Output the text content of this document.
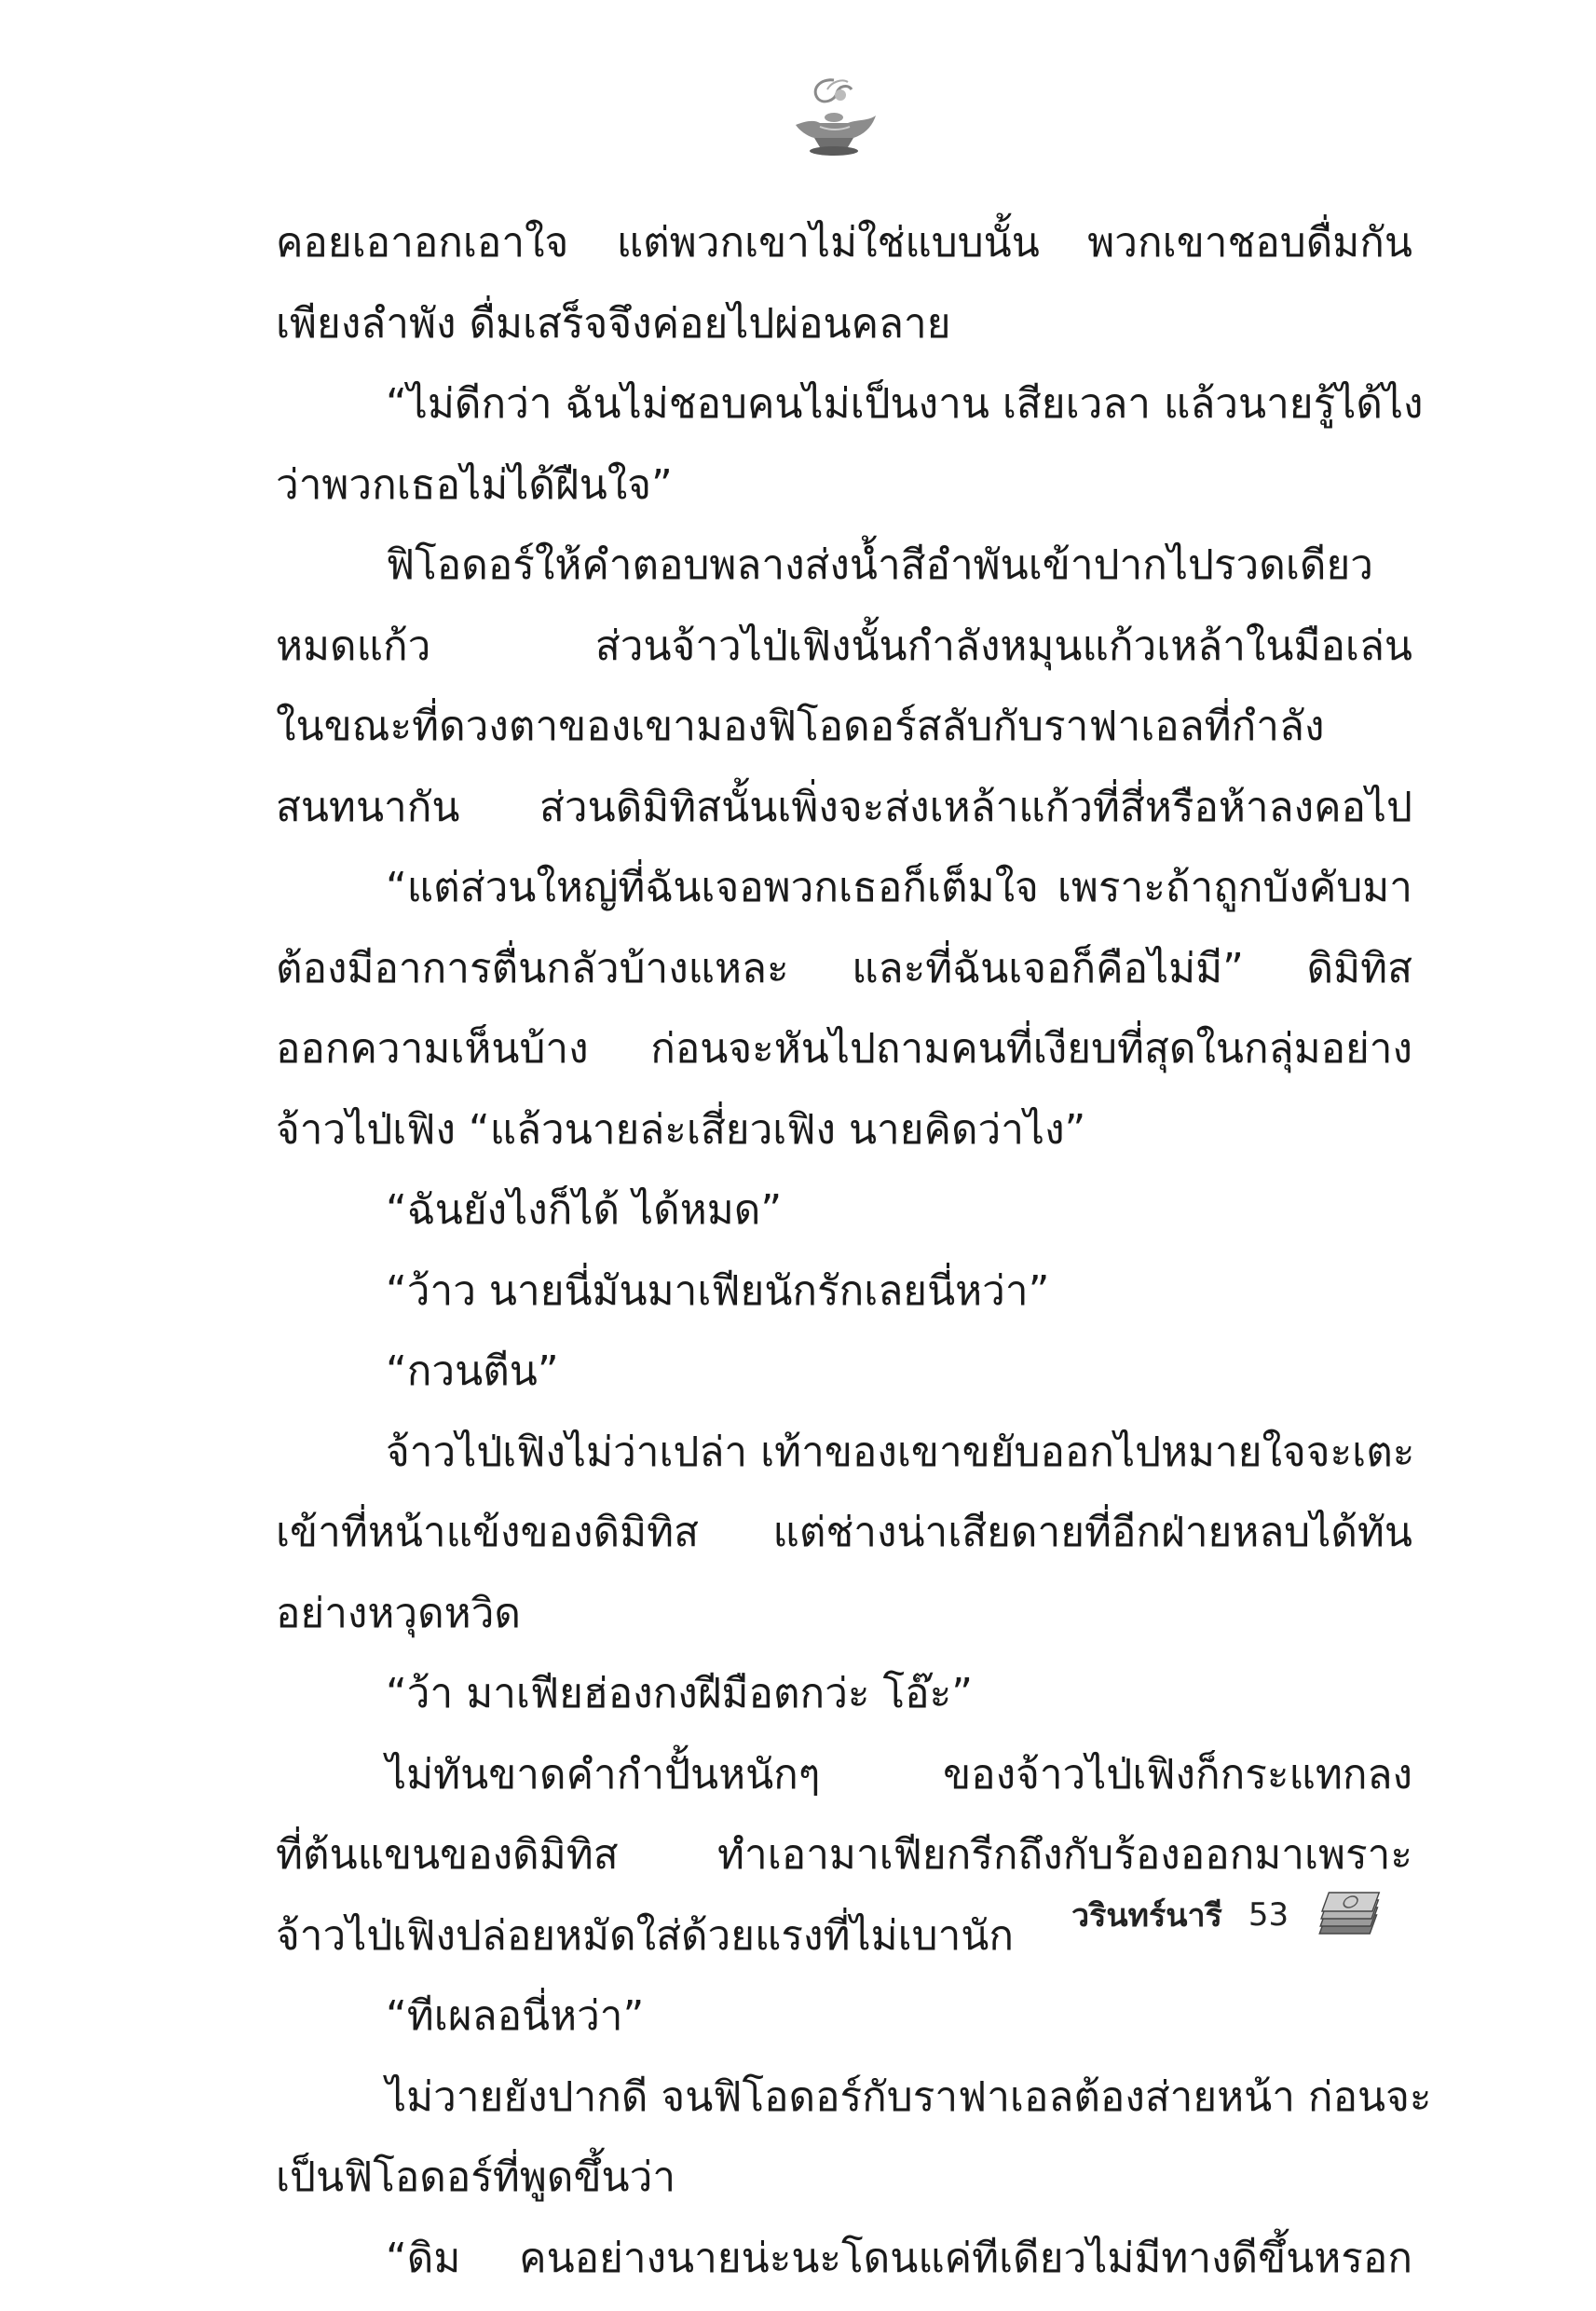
คอยเอาอกเอาใจ แต่พวกเขาไม่ใช่แบบนั้น พวกเขาชอบดื่มกัน
เพียงลำพัง ดื่มเสร็จจึงค่อยไปผ่อนคลาย
“ไม่ดีกว่า ฉันไม่ชอบคนไม่เป็นงาน เสียเวลา แล้วนายรู้ได้ไง
ว่าพวกเธอไม่ได้ฝืนใจ”
ฟิโอดอร์ให้คำตอบพลางส่งน้ำสีอำพันเข้าปากไปรวดเดียว
หมดแก้ว ส่วนจ้าวไป่เฟิงนั้นกำลังหมุนแก้วเหล้าในมือเล่น
ในขณะที่ดวงตาของเขามองฟิโอดอร์สลับกับราฟาเอลที่กำลัง
สนทนากัน ส่วนดิมิทิสนั้นเพิ่งจะส่งเหล้าแก้วที่สี่หรือห้าลงคอไป
“แต่ส่วนใหญ่ที่ฉันเจอพวกเธอก็เต็มใจ เพราะถ้าถูกบังคับมา
ต้องมีอาการตื่นกลัวบ้างแหละ และที่ฉันเจอก็คือไม่มี” ดิมิทิส
ออกความเห็นบ้าง ก่อนจะหันไปถามคนที่เงียบที่สุดในกลุ่มอย่าง
จ้าวไป่เฟิง “แล้วนายล่ะเสี่ยวเฟิง นายคิดว่าไง”
“ฉันยังไงก็ได้ ได้หมด”
“ว้าว นายนี่มันมาเฟียนักรักเลยนี่หว่า”
“กวนตีน”
จ้าวไป่เฟิงไม่ว่าเปล่า เท้าของเขาขยับออกไปหมายใจจะเตะ
เข้าที่หน้าแข้งของดิมิทิส แต่ช่างน่าเสียดายที่อีกฝ่ายหลบได้ทัน
อย่างหวุดหวิด
“ว้า มาเฟียฮ่องกงฝีมือตกว่ะ โอ๊ะ”
ไม่ทันขาดคำกำปั้นหนักๆ ของจ้าวไป่เฟิงก็กระแทกลง
ที่ต้นแขนของดิมิทิส ทำเอามาเฟียกรีกถึงกับร้องออกมาเพราะ
จ้าวไป่เฟิงปล่อยหมัดใส่ด้วยแรงที่ไม่เบานัก
“ทีเผลอนี่หว่า”
ไม่วายยังปากดี จนฟิโอดอร์กับราฟาเอลต้องส่ายหน้า ก่อนจะ
เป็นฟิโอดอร์ที่พูดขึ้นว่า
“ดิม คนอย่างนายน่ะนะโดนแค่ทีเดียวไม่มีทางดีขึ้นหรอก
วรินทร์นารี 53
